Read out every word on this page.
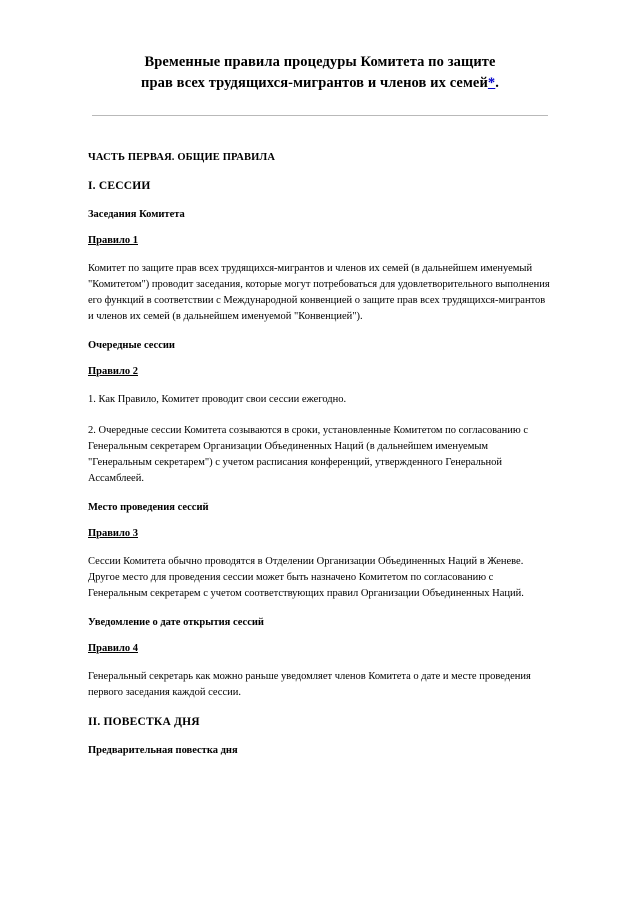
Временные правила процедуры Комитета по защите
прав всех трудящихся-мигрантов и членов их семей*.

ЧАСТЬ ПЕРВАЯ. ОБЩИЕ ПРАВИЛА

I. СЕССИИ

Заседания Комитета

Правило 1

Комитет по защите прав всех трудящихся-мигрантов и членов их семей (в дальнейшем именуемый "Комитетом") проводит заседания, которые могут потребоваться для удовлетворительного выполнения его функций в соответствии с Международной конвенцией о защите прав всех трудящихся-мигрантов и членов их семей (в дальнейшем именуемой "Конвенцией").

Очередные сессии

Правило 2

1. Как Правило, Комитет проводит свои сессии ежегодно.

2. Очередные сессии Комитета созываются в сроки, установленные Комитетом по согласованию с Генеральным секретарем Организации Объединенных Наций (в дальнейшем именуемым "Генеральным секретарем") с учетом расписания конференций, утвержденного Генеральной Ассамблеей.

Место проведения сессий

Правило 3

Сессии Комитета обычно проводятся в Отделении Организации Объединенных Наций в Женеве. Другое место для проведения сессии может быть назначено Комитетом по согласованию с Генеральным секретарем с учетом соответствующих правил Организации Объединенных Наций.

Уведомление о дате открытия сессий

Правило 4

Генеральный секретарь как можно раньше уведомляет членов Комитета о дате и месте проведения первого заседания каждой сессии.

II. ПОВЕСТКА ДНЯ

Предварительная повестка дня
